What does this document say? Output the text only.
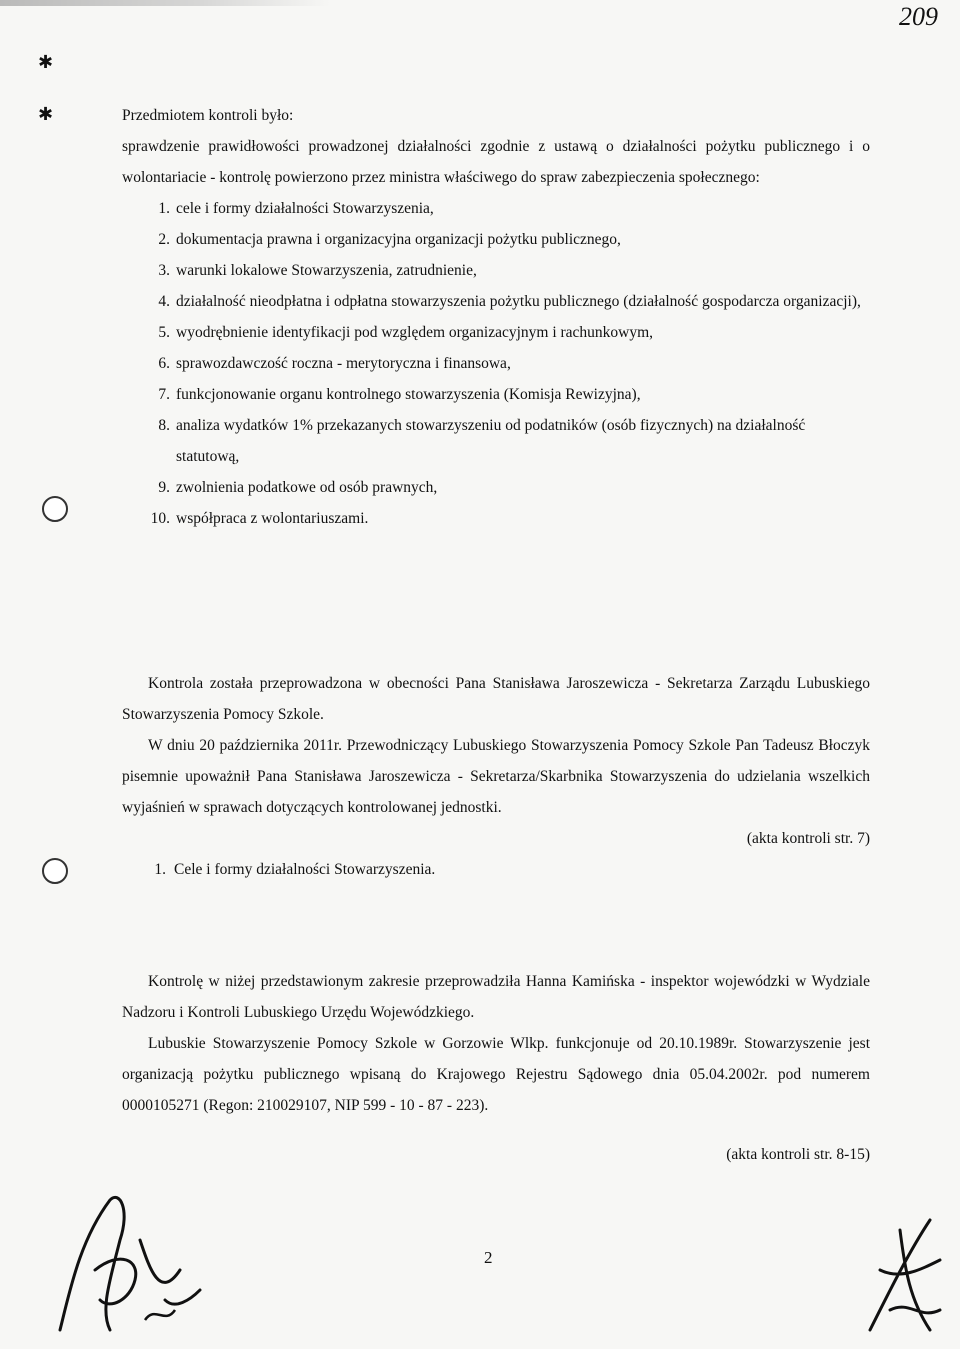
209
✱
✱	Przedmiotem kontroli było:

sprawdzenie prawidłowości prowadzonej działalności zgodnie z ustawą o działalności pożytku publicznego i o wolontariacie - kontrolę powierzono przez ministra właściwego do spraw zabezpieczenia społecznego:

1. cele i formy działalności Stowarzyszenia,
2. dokumentacja prawna i organizacyjna organizacji pożytku publicznego,
3. warunki lokalowe Stowarzyszenia, zatrudnienie,
4. działalność nieodpłatna i odpłatna stowarzyszenia pożytku publicznego (działalność gospodarcza organizacji),
5. wyodrębnienie identyfikacji pod względem organizacyjnym i rachunkowym,
6. sprawozdawczość roczna - merytoryczna i finansowa,
7. funkcjonowanie organu kontrolnego stowarzyszenia (Komisja Rewizyjna),
8. analiza wydatków 1% przekazanych stowarzyszeniu od podatników (osób fizycznych) na działalność statutową,
9. zwolnienia podatkowe od osób prawnych,
10. współpraca z wolontariuszami.

Kontrola została przeprowadzona w obecności Pana Stanisława Jaroszewicza - Sekretarza Zarządu Lubuskiego Stowarzyszenia Pomocy Szkole.

W dniu 20 października 2011r. Przewodniczący Lubuskiego Stowarzyszenia Pomocy Szkole Pan Tadeusz Błoczyk pisemnie upoważnił Pana Stanisława Jaroszewicza - Sekretarza/Skarbnika Stowarzyszenia do udzielania wszelkich wyjaśnień w sprawach dotyczących kontrolowanej jednostki.

(akta kontroli str. 7)

1. Cele i formy działalności Stowarzyszenia.

Kontrolę w niżej przedstawionym zakresie przeprowadziła Hanna Kamińska - inspektor wojewódzki w Wydziale Nadzoru i Kontroli Lubuskiego Urzędu Wojewódzkiego.

Lubuskie Stowarzyszenie Pomocy Szkole w Gorzowie Wlkp. funkcjonuje od 20.10.1989r. Stowarzyszenie jest organizacją pożytku publicznego wpisaną do Krajowego Rejestru Sądowego dnia 05.04.2002r. pod numerem 0000105271 (Regon: 210029107, NIP 599 - 10 - 87 - 223).

(akta kontroli str. 8-15)

2
